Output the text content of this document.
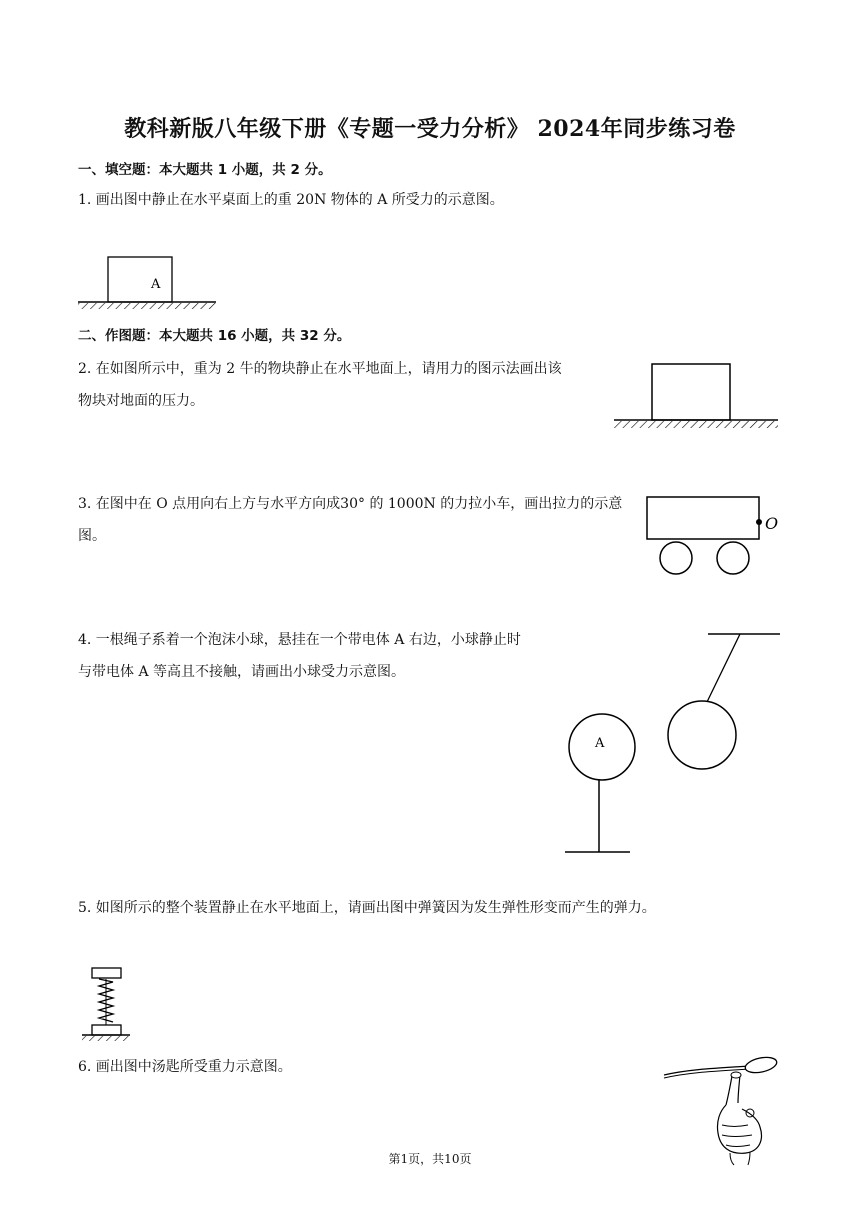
教科新版八年级下册《专题一受力分析》 2024年同步练习卷
一、填空题：本大题共 1 小题，共 2 分。
1. 画出图中静止在水平桌面上的重 20N 物体的 A 所受力的示意图。
A
二、作图题：本大题共 16 小题，共 32 分。
2. 在如图所示中，重为 2 牛的物块静止在水平地面上，请用力的图示法画出该
物块对地面的压力。
3. 在图中在 O 点用向右上方与水平方向成30° 的 1000N 的力拉小车，画出拉力的示意
图。
O
4. 一根绳子系着一个泡沫小球，悬挂在一个带电体 A 右边，小球静止时
与带电体 A 等高且不接触，请画出小球受力示意图。
A
5. 如图所示的整个装置静止在水平地面上，请画出图中弹簧因为发生弹性形变而产生的弹力。
6. 画出图中汤匙所受重力示意图。
第1页，共10页
